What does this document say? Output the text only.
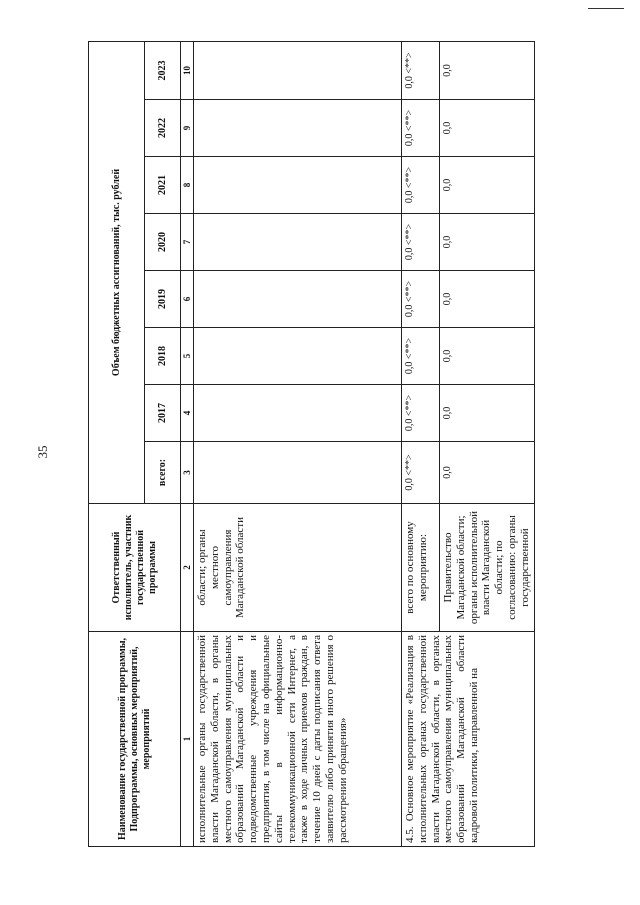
35
Наименование государственной программы, Подпрограммы, основных мероприятий, мероприятий	Ответственный исполнитель, участник государственной программы	Объем бюджетных ассигнований, тыс. рублей							
		всего:	2017	2018	2019	2020	2021	2022	2023
1	2	3	4	5	6	7	8	9	10
исполнительные органы государственной власти Магаданской области, в органы местного самоуправления муниципальных образований Магаданской области и подведомственные учреждения и предприятия, в том числе на официальные сайты в информационно-телекоммуникационной сети Интернет, а также в ходе личных приемов граждан, в течение 10 дней с даты подписания ответа заявителю либо принятия иного решения о рассмотрении обращения»	области; органы местного самоуправления Магаданской области								
4.5. Основное мероприятие «Реализация в исполнительных органах государственной власти Магаданской области, в органах местного самоуправления муниципальных образований Магаданской области кадровой политики, направленной на	всего по основному мероприятию:	0,0 <**>	0,0 <**>	0,0 <**>	0,0 <**>	0,0 <**>	0,0 <**>	0,0 <**>	0,0 <**>
	Правительство Магаданской области; органы исполнительной власти Магаданской области; по согласованию: органы государственной	0,0	0,0	0,0	0,0	0,0	0,0	0,0	0,0
